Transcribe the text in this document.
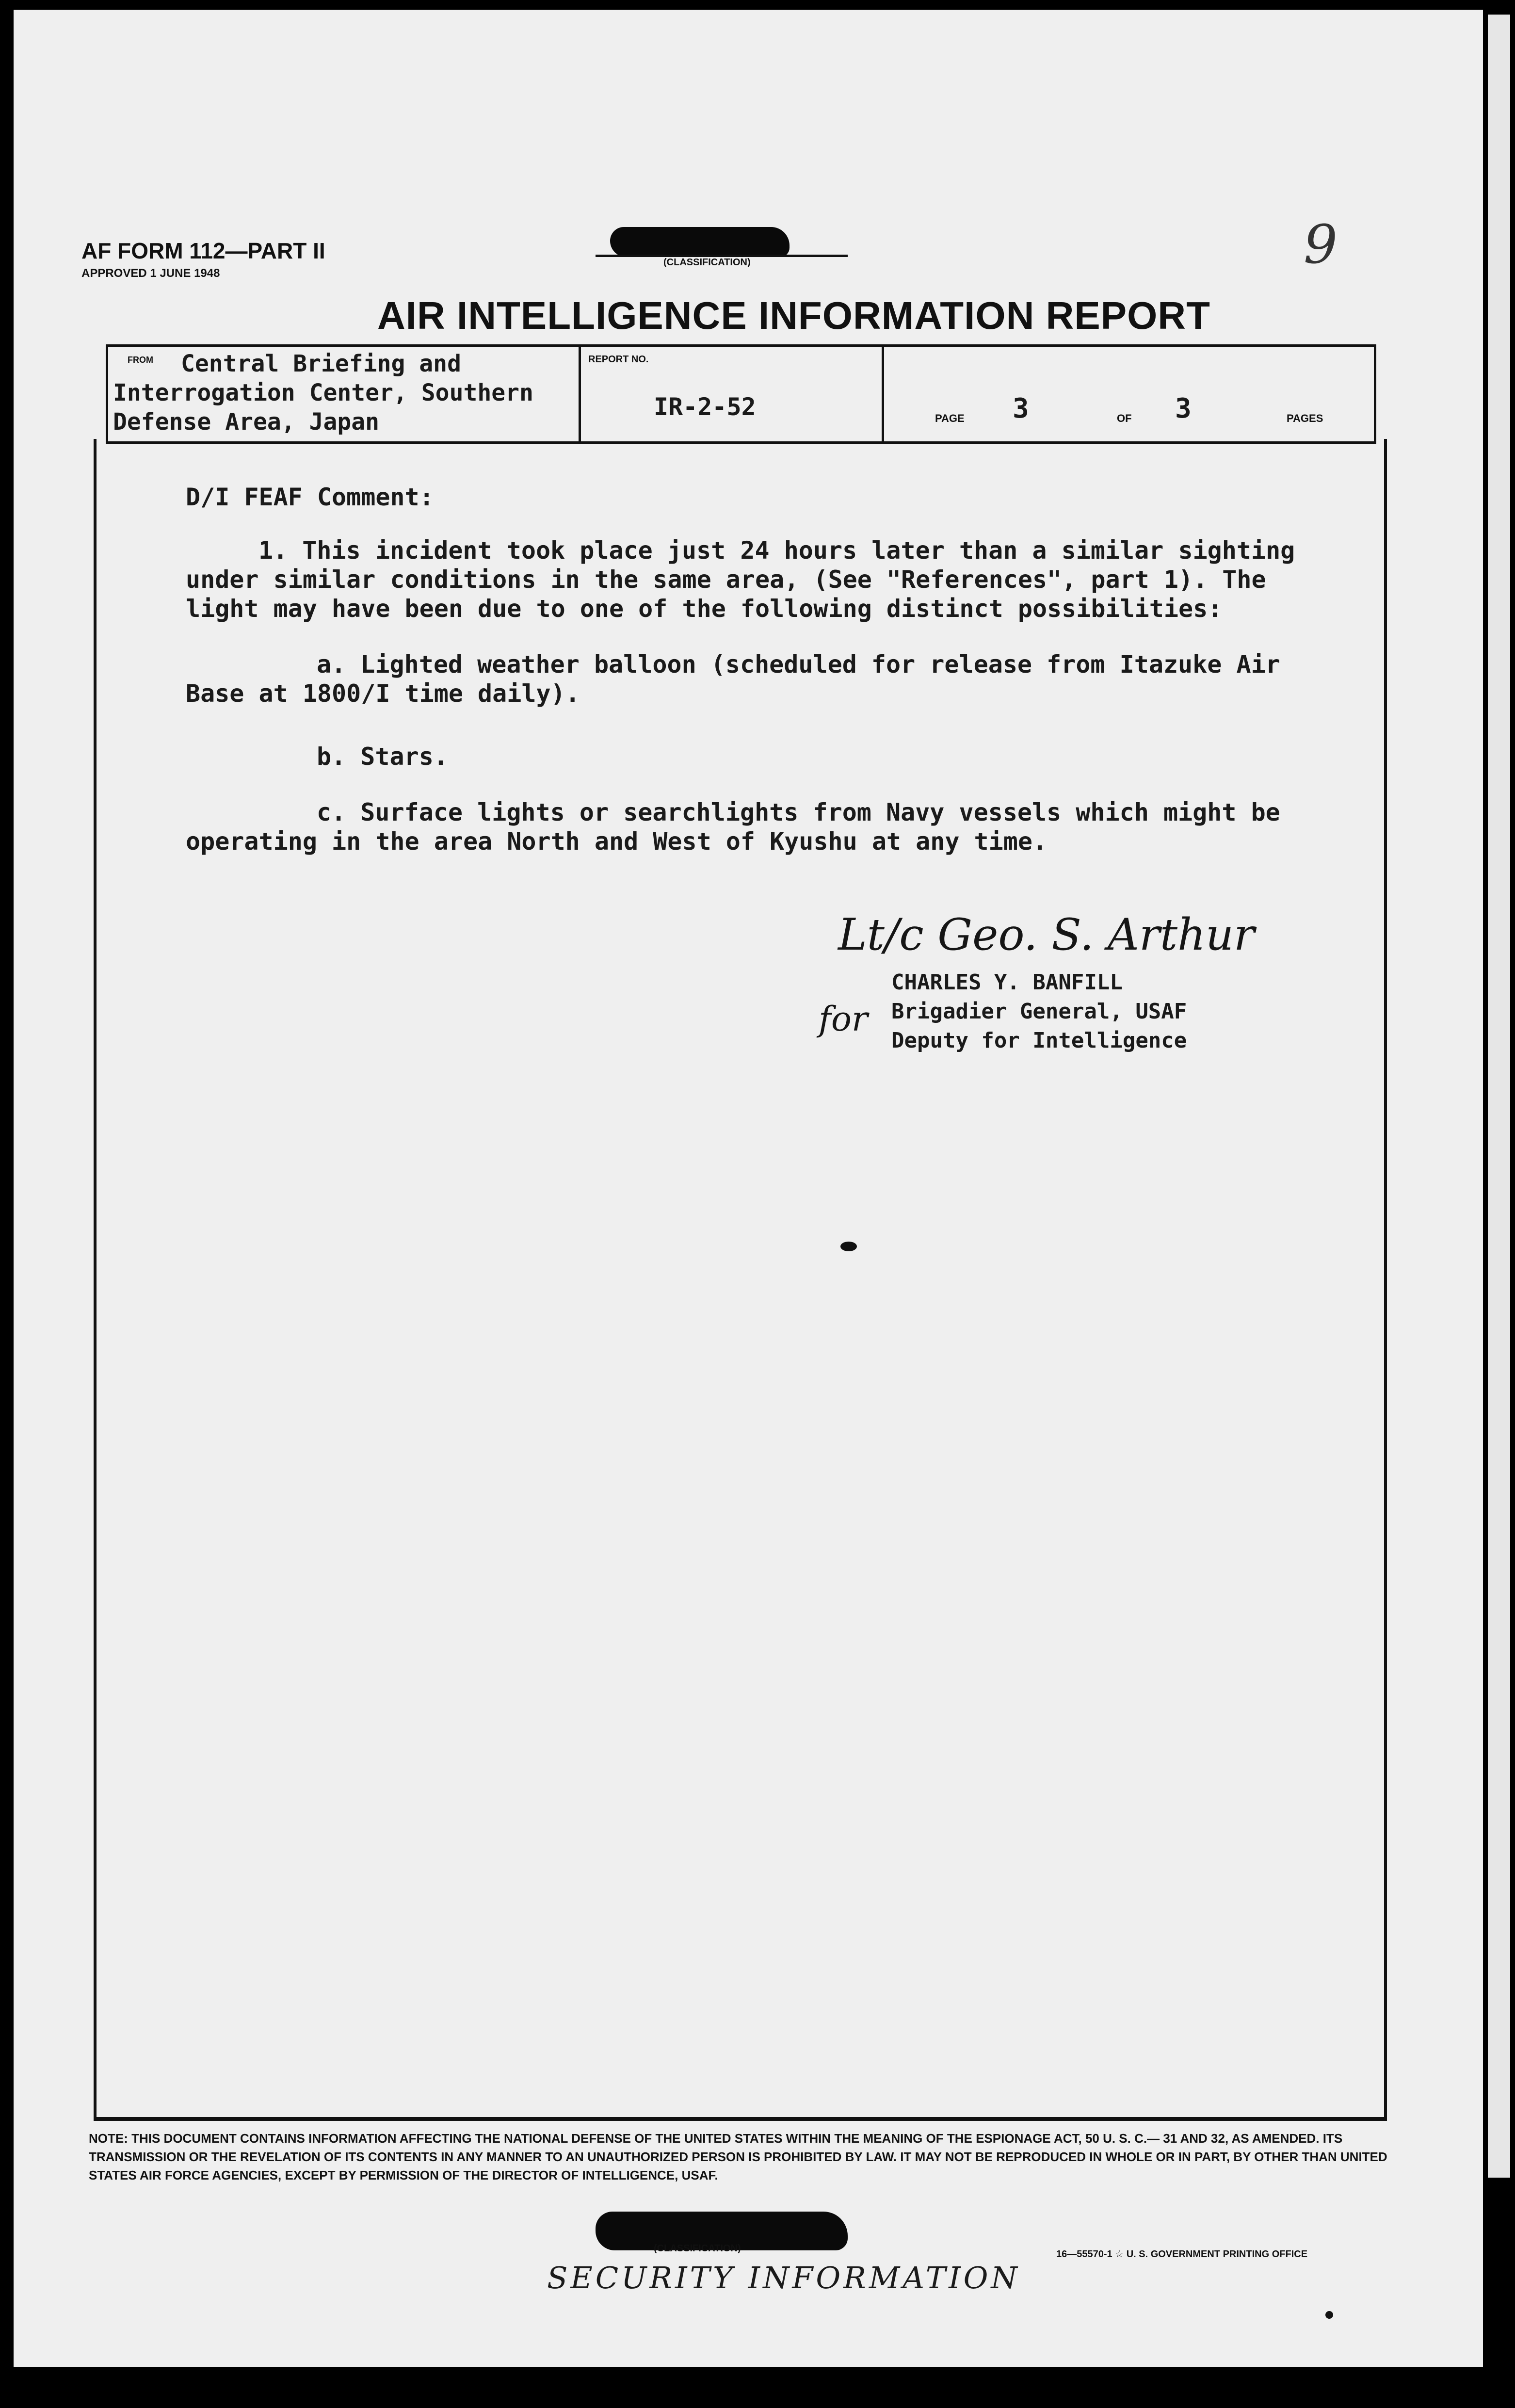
AF FORM 112—PART II
APPROVED 1 JUNE 1948
(CLASSIFICATION)	9
AIR INTELLIGENCE INFORMATION REPORT
FROM	Central Briefing and
Interrogation Center, Southern
Defense Area, Japan
REPORT NO.
IR-2-52	PAGE 3	OF 3	PAGES
D/I FEAF Comment:
1. This incident took place just 24 hours later than a similar sighting
under similar conditions in the same area, (See "References", part 1). The
light may have been due to one of the following distinct possibilities:
a. Lighted weather balloon (scheduled for release from Itazuke Air
Base at 1800/I time daily).
b. Stars.
c. Surface lights or searchlights from Navy vessels which might be
operating in the area North and West of Kyushu at any time.
Lt/c Geo. S. Arthur
for
CHARLES Y. BANFILL
Brigadier General, USAF
Deputy for Intelligence
NOTE: THIS DOCUMENT CONTAINS INFORMATION AFFECTING THE NATIONAL DEFENSE OF THE UNITED STATES WITHIN THE MEANING OF THE ESPIONAGE ACT, 50 U. S. C.— 31 AND 32, AS AMENDED. ITS TRANSMISSION OR THE REVELATION OF ITS CONTENTS IN ANY MANNER TO AN UNAUTHORIZED PERSON IS PROHIBITED BY LAW. IT MAY NOT BE REPRODUCED IN WHOLE OR IN PART, BY OTHER THAN UNITED STATES AIR FORCE AGENCIES, EXCEPT BY PERMISSION OF THE DIRECTOR OF INTELLIGENCE, USAF.
(CLASSIFICATION)
SECURITY INFORMATION
16—55570-1 ☆ U. S. GOVERNMENT PRINTING OFFICE
